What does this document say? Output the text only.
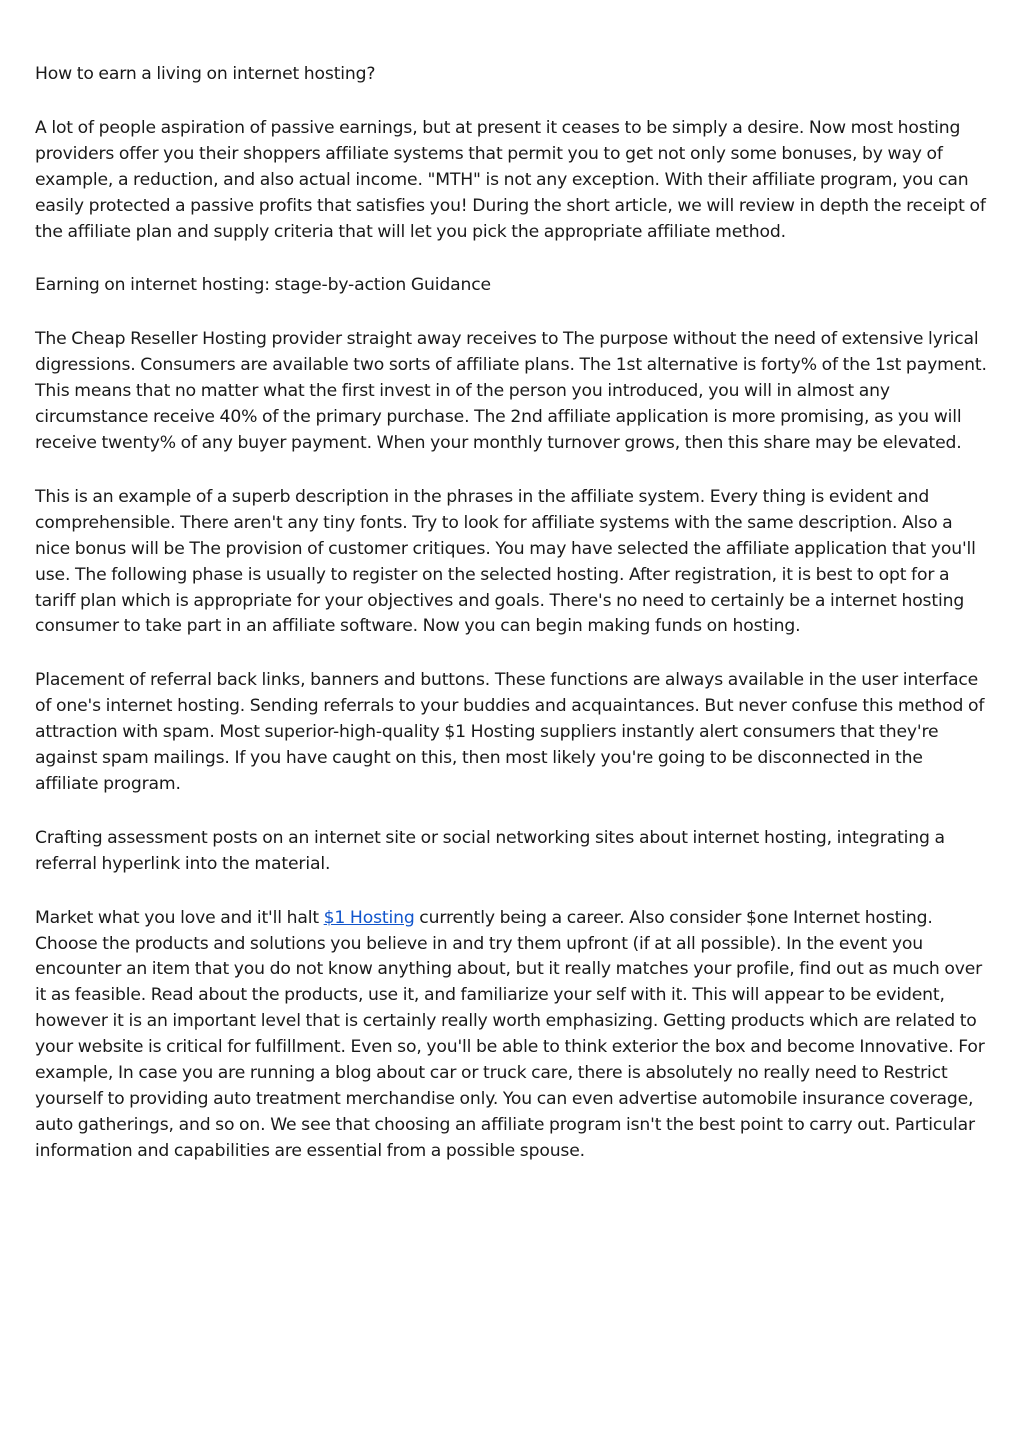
How to earn a living on internet hosting?

A lot of people aspiration of passive earnings, but at present it ceases to be simply a desire. Now most hosting providers offer you their shoppers affiliate systems that permit you to get not only some bonuses, by way of example, a reduction, and also actual income. "MTH" is not any exception. With their affiliate program, you can easily protected a passive profits that satisfies you! During the short article, we will review in depth the receipt of the affiliate plan and supply criteria that will let you pick the appropriate affiliate method.

Earning on internet hosting: stage-by-action Guidance

The Cheap Reseller Hosting provider straight away receives to The purpose without the need of extensive lyrical digressions. Consumers are available two sorts of affiliate plans. The 1st alternative is forty% of the 1st payment. This means that no matter what the first invest in of the person you introduced, you will in almost any circumstance receive 40% of the primary purchase. The 2nd affiliate application is more promising, as you will receive twenty% of any buyer payment. When your monthly turnover grows, then this share may be elevated.

This is an example of a superb description in the phrases in the affiliate system. Every thing is evident and comprehensible. There aren't any tiny fonts. Try to look for affiliate systems with the same description. Also a nice bonus will be The provision of customer critiques. You may have selected the affiliate application that you'll use. The following phase is usually to register on the selected hosting. After registration, it is best to opt for a tariff plan which is appropriate for your objectives and goals. There's no need to certainly be a internet hosting consumer to take part in an affiliate software. Now you can begin making funds on hosting.

Placement of referral back links, banners and buttons. These functions are always available in the user interface of one's internet hosting. Sending referrals to your buddies and acquaintances. But never confuse this method of attraction with spam. Most superior-high-quality $1 Hosting suppliers instantly alert consumers that they're against spam mailings. If you have caught on this, then most likely you're going to be disconnected in the affiliate program.

Crafting assessment posts on an internet site or social networking sites about internet hosting, integrating a referral hyperlink into the material.

Market what you love and it'll halt $1 Hosting currently being a career. Also consider $one Internet hosting. Choose the products and solutions you believe in and try them upfront (if at all possible). In the event you encounter an item that you do not know anything about, but it really matches your profile, find out as much over it as feasible. Read about the products, use it, and familiarize your self with it. This will appear to be evident, however it is an important level that is certainly really worth emphasizing. Getting products which are related to your website is critical for fulfillment. Even so, you'll be able to think exterior the box and become Innovative. For example, In case you are running a blog about car or truck care, there is absolutely no really need to Restrict yourself to providing auto treatment merchandise only. You can even advertise automobile insurance coverage, auto gatherings, and so on. We see that choosing an affiliate program isn't the best point to carry out. Particular information and capabilities are essential from a possible spouse.
